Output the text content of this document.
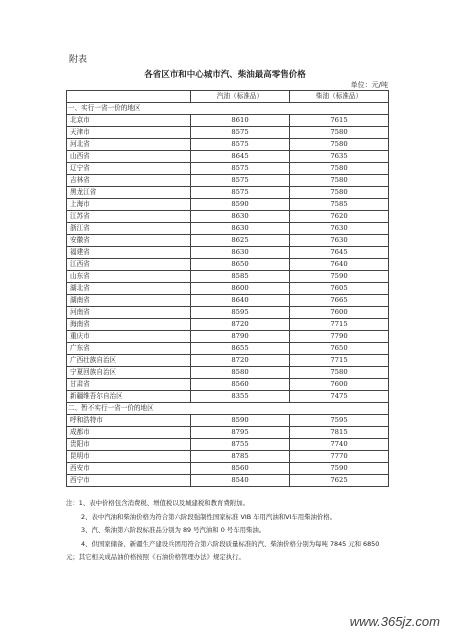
附表
各省区市和中心城市汽、柴油最高零售价格
单位：元/吨
	汽油（标准品）	柴油（标准品）
一、实行一省一价的地区		
北京市	8610	7615
天津市	8575	7580
河北省	8575	7580
山西省	8645	7635
辽宁省	8575	7580
吉林省	8575	7580
黑龙江省	8575	7580
上海市	8590	7585
江苏省	8630	7620
浙江省	8630	7630
安徽省	8625	7630
福建省	8630	7645
江西省	8650	7640
山东省	8585	7590
湖北省	8600	7605
湖南省	8640	7665
河南省	8595	7600
海南省	8720	7715
重庆市	8790	7790
广东省	8655	7650
广西壮族自治区	8720	7715
宁夏回族自治区	8580	7580
甘肃省	8560	7600
新疆维吾尔自治区	8355	7475
二、暂不实行一省一价的地区		
呼和浩特市	8590	7595
成都市	8795	7815
贵阳市	8755	7740
昆明市	8785	7770
西安市	8560	7590
西宁市	8540	7625

注：1、表中价格包含消费税、增值税以及城建税和教育费附加。

2、表中汽油和柴油价格为符合第六阶段强制性国家标准 VIB 车用汽油和VI车用柴油价格。

3、汽、柴油第六阶段标准品分别为 89 号汽油和 0 号车用柴油。

4、供国家储备、新疆生产建设兵团用符合第六阶段质量标准的汽、柴油价格分别为每吨 7845 元和 6850 元；其它相关成品油价格按照《石油价格管理办法》规定执行。

www.365jz.com
